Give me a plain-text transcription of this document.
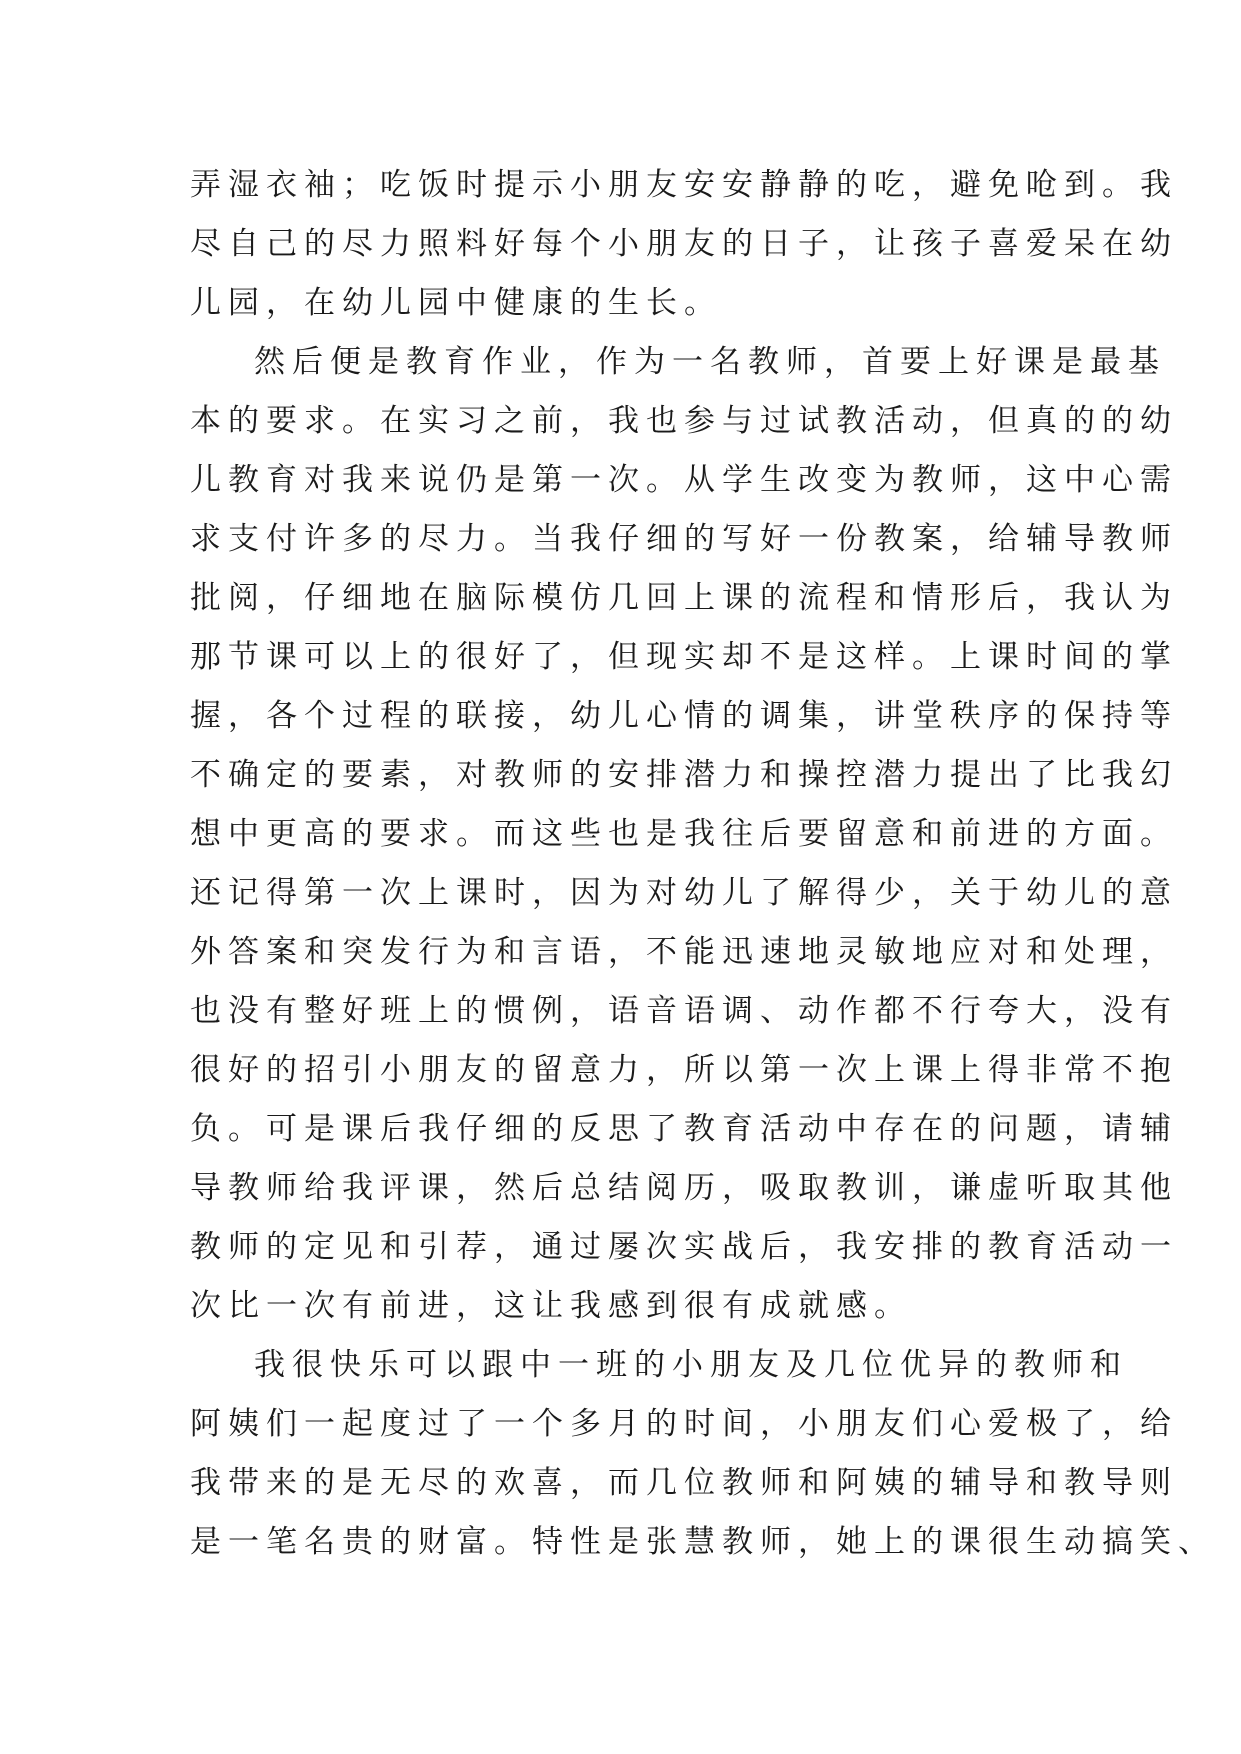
弄湿衣袖；吃饭时提示小朋友安安静静的吃，避免呛到。我
尽自己的尽力照料好每个小朋友的日子，让孩子喜爱呆在幼
儿园，在幼儿园中健康的生长。
然后便是教育作业，作为一名教师，首要上好课是最基
本的要求。在实习之前，我也参与过试教活动，但真的的幼
儿教育对我来说仍是第一次。从学生改变为教师，这中心需
求支付许多的尽力。当我仔细的写好一份教案，给辅导教师
批阅，仔细地在脑际模仿几回上课的流程和情形后，我认为
那节课可以上的很好了，但现实却不是这样。上课时间的掌
握，各个过程的联接，幼儿心情的调集，讲堂秩序的保持等
不确定的要素，对教师的安排潜力和操控潜力提出了比我幻
想中更高的要求。而这些也是我往后要留意和前进的方面。
还记得第一次上课时，因为对幼儿了解得少，关于幼儿的意
外答案和突发行为和言语，不能迅速地灵敏地应对和处理，
也没有整好班上的惯例，语音语调、动作都不行夸大，没有
很好的招引小朋友的留意力，所以第一次上课上得非常不抱
负。可是课后我仔细的反思了教育活动中存在的问题，请辅
导教师给我评课，然后总结阅历，吸取教训，谦虚听取其他
教师的定见和引荐，通过屡次实战后，我安排的教育活动一
次比一次有前进，这让我感到很有成就感。
我很快乐可以跟中一班的小朋友及几位优异的教师和
阿姨们一起度过了一个多月的时间，小朋友们心爱极了，给
我带来的是无尽的欢喜，而几位教师和阿姨的辅导和教导则
是一笔名贵的财富。特性是张慧教师，她上的课很生动搞笑、
